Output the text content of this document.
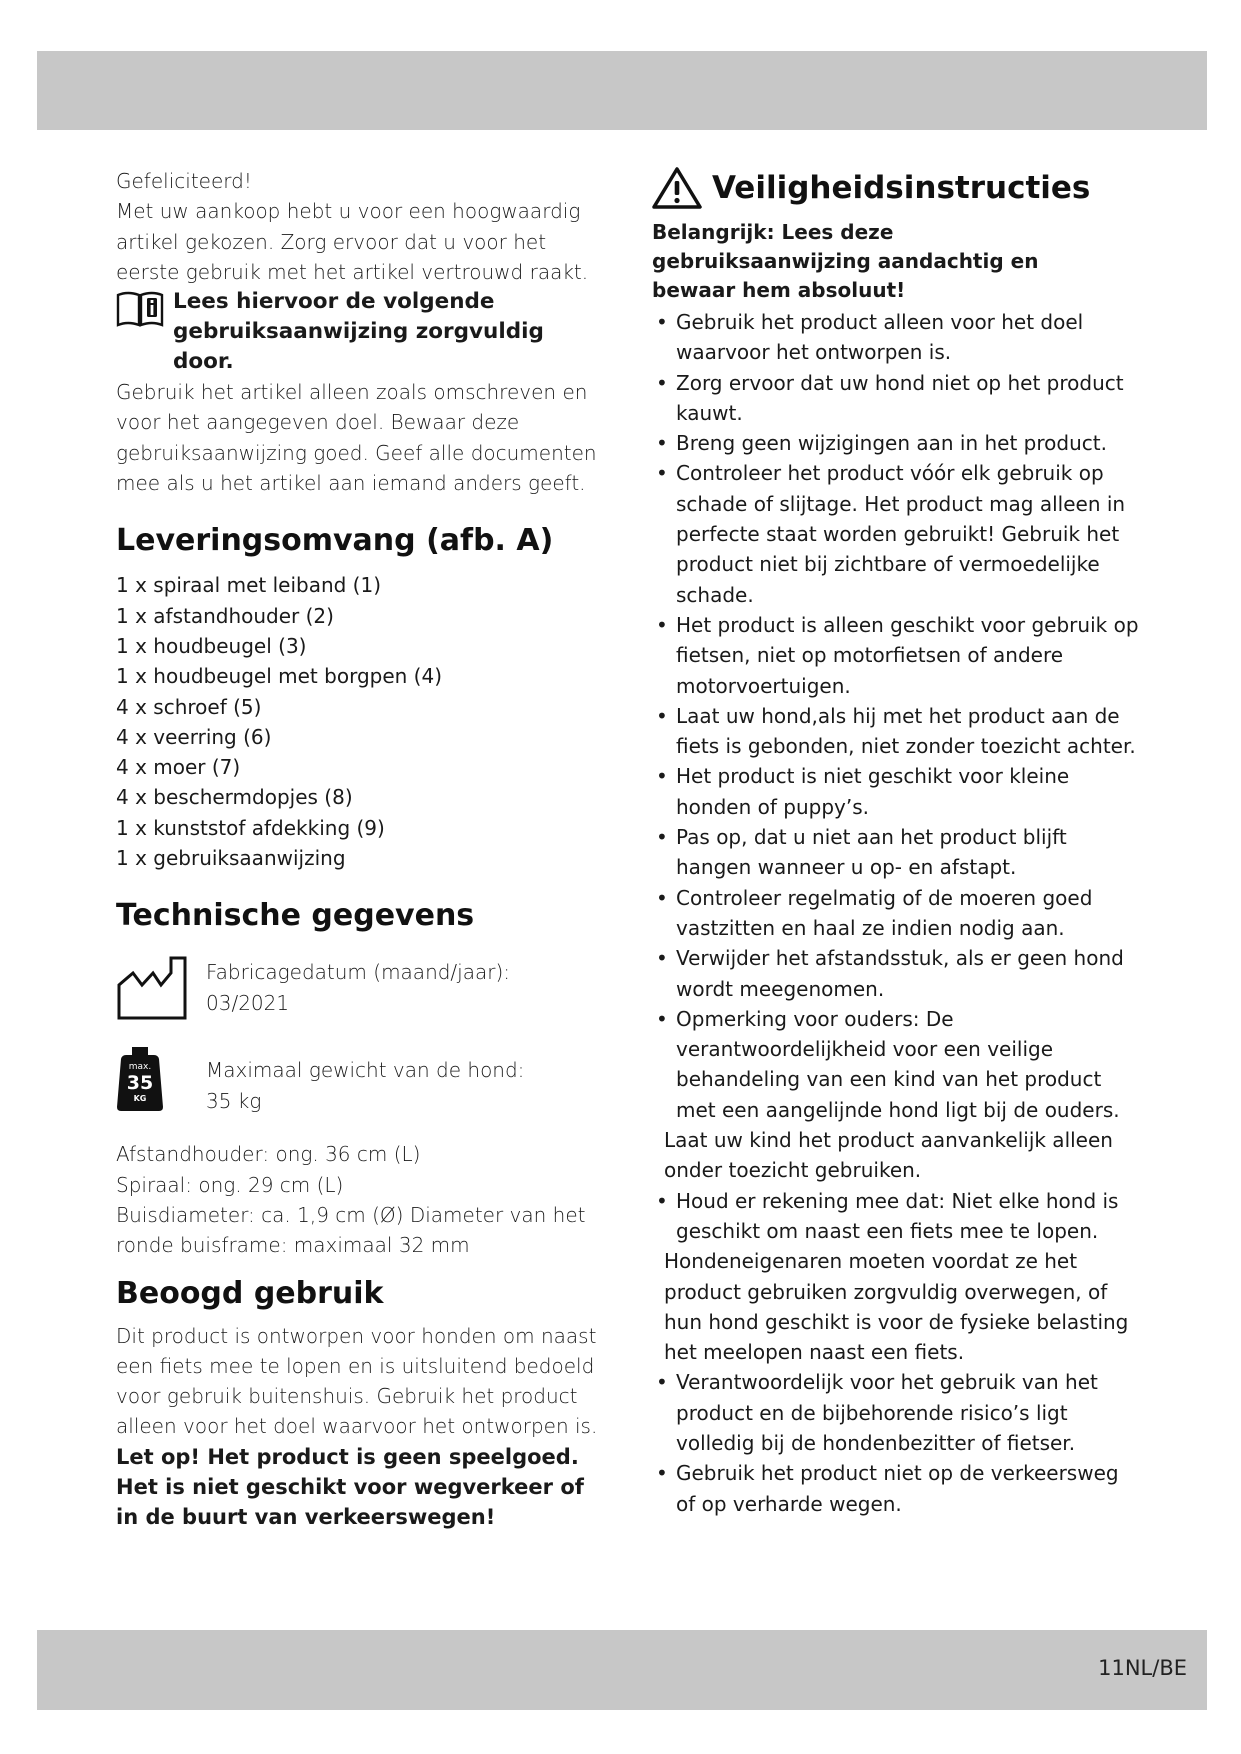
Gefeliciteerd!

Met uw aankoop hebt u voor een hoogwaardig artikel gekozen. Zorg ervoor dat u voor het eerste gebruik met het artikel vertrouwd raakt.

Lees hiervoor de volgende gebruiksaanwijzing zorgvuldig door.

Gebruik het artikel alleen zoals omschreven en voor het aangegeven doel. Bewaar deze gebruiksaanwijzing goed. Geef alle documenten mee als u het artikel aan iemand anders geeft.

Leveringsomvang (afb. A)
1 x spiraal met leiband (1)
1 x afstandhouder (2)
1 x houdbeugel (3)
1 x houdbeugel met borgpen (4)
4 x schroef (5)
4 x veerring (6)
4 x moer (7)
4 x beschermdopjes (8)
1 x kunststof afdekking (9)
1 x gebruiksaanwijzing
Technische gegevens

Fabricagedatum (maand/jaar):

03/2021

max.
35
KG

Maximaal gewicht van de hond:

35 kg

Afstandhouder: ong. 36 cm (L)

Spiraal: ong. 29 cm (L)

Buisdiameter: ca. 1,9 cm (Ø) Diameter van het ronde buisframe: maximaal 32 mm

Beoogd gebruik

Dit product is ontworpen voor honden om naast een fiets mee te lopen en is uitsluitend bedoeld voor gebruik buitenshuis. Gebruik het product alleen voor het doel waarvoor het ontworpen is.

Let op! Het product is geen speelgoed. Het is niet geschikt voor wegverkeer of in de buurt van verkeerswegen!

Veiligheidsinstructies

Belangrijk: Lees deze gebruiksaanwijzing aandachtig en bewaar hem absoluut!

• Gebruik het product alleen voor het doel waarvoor het ontworpen is.
• Zorg ervoor dat uw hond niet op het product kauwt.
• Breng geen wijzigingen aan in het product.
• Controleer het product vóór elk gebruik op schade of slijtage. Het product mag alleen in perfecte staat worden gebruikt! Gebruik het product niet bij zichtbare of vermoedelijke schade.
• Het product is alleen geschikt voor gebruik op fietsen, niet op motorfietsen of andere motorvoertuigen.
• Laat uw hond,als hij met het product aan de fiets is gebonden, niet zonder toezicht achter.
• Het product is niet geschikt voor kleine honden of puppy’s.
• Pas op, dat u niet aan het product blijft hangen wanneer u op- en afstapt.
• Controleer regelmatig of de moeren goed vastzitten en haal ze indien nodig aan.
• Verwijder het afstandsstuk, als er geen hond wordt meegenomen.
• Opmerking voor ouders: De verantwoordelijkheid voor een veilige behandeling van een kind van het product met een aangelijnde hond ligt bij de ouders.

Laat uw kind het product aanvankelijk alleen onder toezicht gebruiken.

• Houd er rekening mee dat: Niet elke hond is geschikt om naast een fiets mee te lopen.

Hondeneigenaren moeten voordat ze het product gebruiken zorgvuldig overwegen, of hun hond geschikt is voor de fysieke belasting het meelopen naast een fiets.

• Verantwoordelijk voor het gebruik van het product en de bijbehorende risico’s ligt volledig bij de hondenbezitter of fietser.
• Gebruik het product niet op de verkeersweg of op verharde wegen.
11NL/BE
